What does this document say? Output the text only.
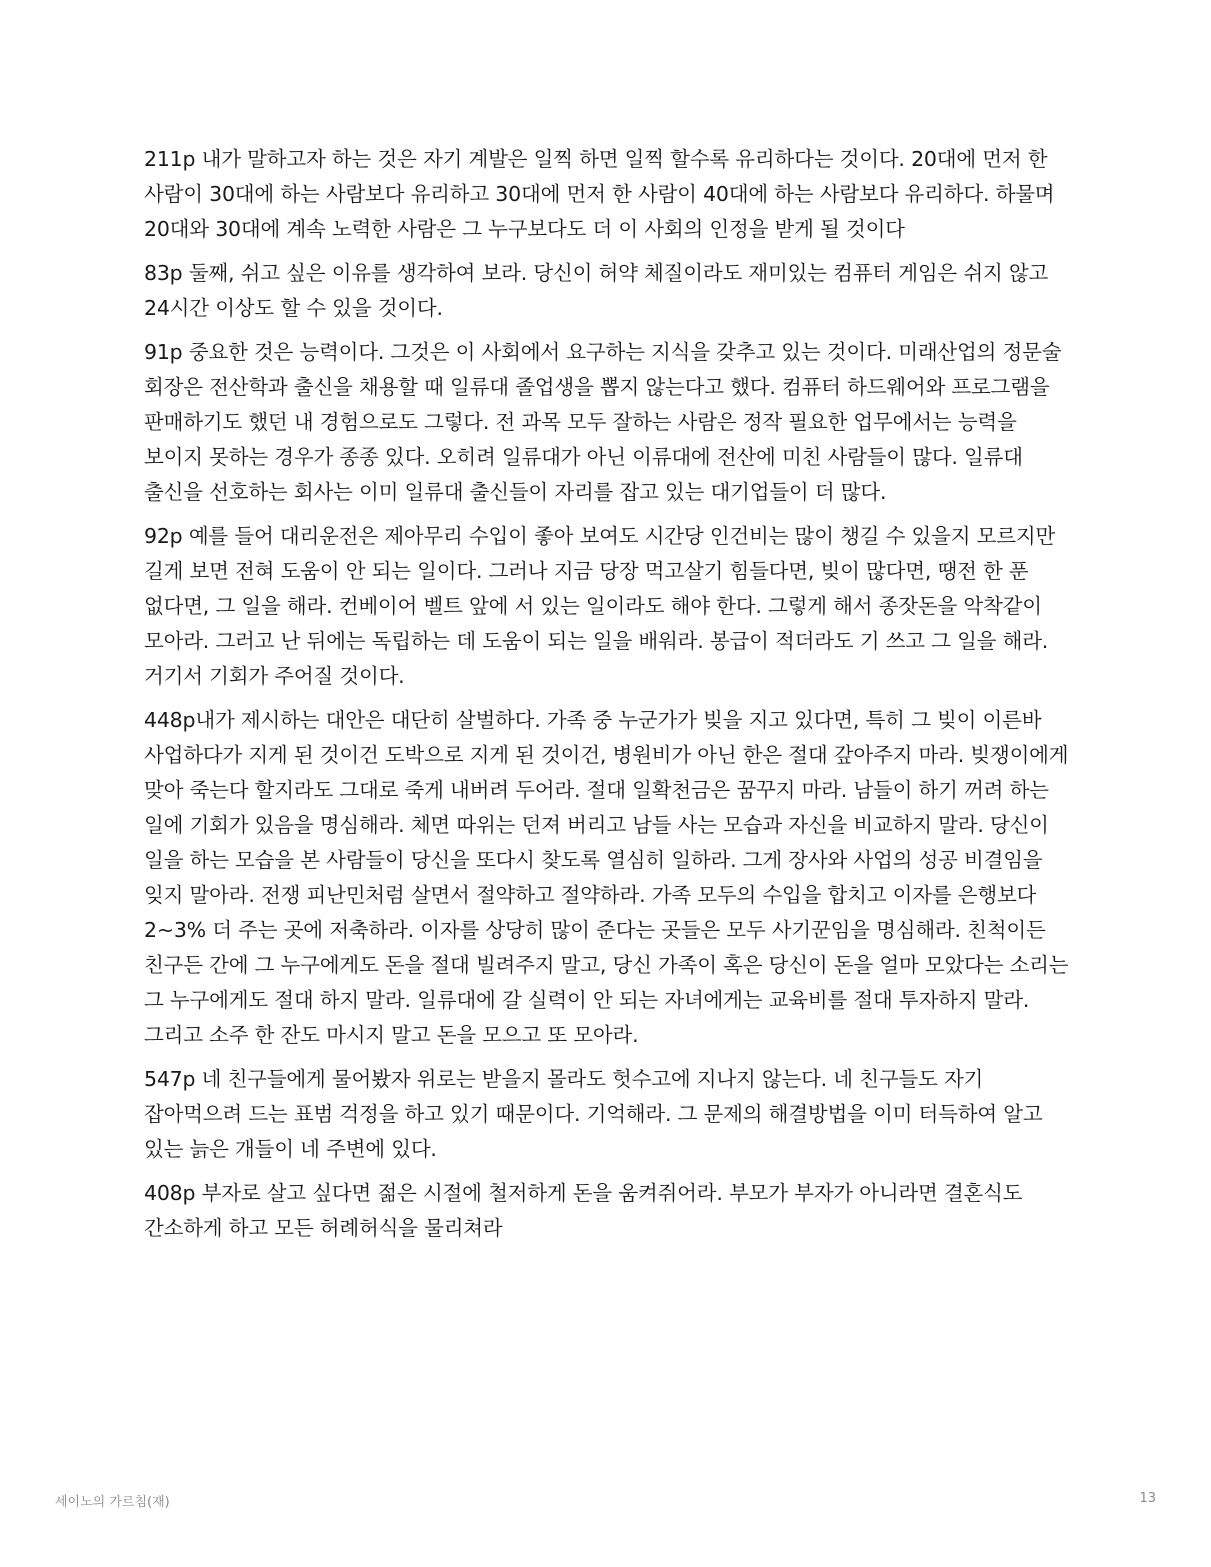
211p 내가 말하고자 하는 것은 자기 계발은 일찍 하면 일찍 할수록 유리하다는 것이다. 20대에 먼저 한 사람이 30대에 하는 사람보다 유리하고 30대에 먼저 한 사람이 40대에 하는 사람보다 유리하다. 하물며 20대와 30대에 계속 노력한 사람은 그 누구보다도 더 이 사회의 인정을 받게 될 것이다

83p 둘째, 쉬고 싶은 이유를 생각하여 보라. 당신이 허약 체질이라도 재미있는 컴퓨터 게임은 쉬지 않고 24시간 이상도 할 수 있을 것이다.

91p 중요한 것은 능력이다. 그것은 이 사회에서 요구하는 지식을 갖추고 있는 것이다. 미래산업의 정문술 회장은 전산학과 출신을 채용할 때 일류대 졸업생을 뽑지 않는다고 했다. 컴퓨터 하드웨어와 프로그램을 판매하기도 했던 내 경험으로도 그렇다. 전 과목 모두 잘하는 사람은 정작 필요한 업무에서는 능력을 보이지 못하는 경우가 종종 있다. 오히려 일류대가 아닌 이류대에 전산에 미친 사람들이 많다. 일류대 출신을 선호하는 회사는 이미 일류대 출신들이 자리를 잡고 있는 대기업들이 더 많다.

92p 예를 들어 대리운전은 제아무리 수입이 좋아 보여도 시간당 인건비는 많이 챙길 수 있을지 모르지만 길게 보면 전혀 도움이 안 되는 일이다. 그러나 지금 당장 먹고살기 힘들다면, 빚이 많다면, 땡전 한 푼 없다면, 그 일을 해라. 컨베이어 벨트 앞에 서 있는 일이라도 해야 한다. 그렇게 해서 종잣돈을 악착같이 모아라. 그러고 난 뒤에는 독립하는 데 도움이 되는 일을 배워라. 봉급이 적더라도 기 쓰고 그 일을 해라. 거기서 기회가 주어질 것이다.

448p내가 제시하는 대안은 대단히 살벌하다. 가족 중 누군가가 빚을 지고 있다면, 특히 그 빚이 이른바 사업하다가 지게 된 것이건 도박으로 지게 된 것이건, 병원비가 아닌 한은 절대 갚아주지 마라. 빚쟁이에게 맞아 죽는다 할지라도 그대로 죽게 내버려 두어라. 절대 일확천금은 꿈꾸지 마라. 남들이 하기 꺼려 하는 일에 기회가 있음을 명심해라. 체면 따위는 던져 버리고 남들 사는 모습과 자신을 비교하지 말라. 당신이 일을 하는 모습을 본 사람들이 당신을 또다시 찾도록 열심히 일하라. 그게 장사와 사업의 성공 비결임을 잊지 말아라. 전쟁 피난민처럼 살면서 절약하고 절약하라. 가족 모두의 수입을 합치고 이자를 은행보다 2~3% 더 주는 곳에 저축하라. 이자를 상당히 많이 준다는 곳들은 모두 사기꾼임을 명심해라. 친척이든 친구든 간에 그 누구에게도 돈을 절대 빌려주지 말고, 당신 가족이 혹은 당신이 돈을 얼마 모았다는 소리는 그 누구에게도 절대 하지 말라. 일류대에 갈 실력이 안 되는 자녀에게는 교육비를 절대 투자하지 말라. 그리고 소주 한 잔도 마시지 말고 돈을 모으고 또 모아라.

547p 네 친구들에게 물어봤자 위로는 받을지 몰라도 헛수고에 지나지 않는다. 네 친구들도 자기 잡아먹으려 드는 표범 걱정을 하고 있기 때문이다. 기억해라. 그 문제의 해결방법을 이미 터득하여 알고 있는 늙은 개들이 네 주변에 있다.

408p 부자로 살고 싶다면 젊은 시절에 철저하게 돈을 움켜쥐어라. 부모가 부자가 아니라면 결혼식도 간소하게 하고 모든 허례허식을 물리쳐라

세이노의 가르침(재)	13
